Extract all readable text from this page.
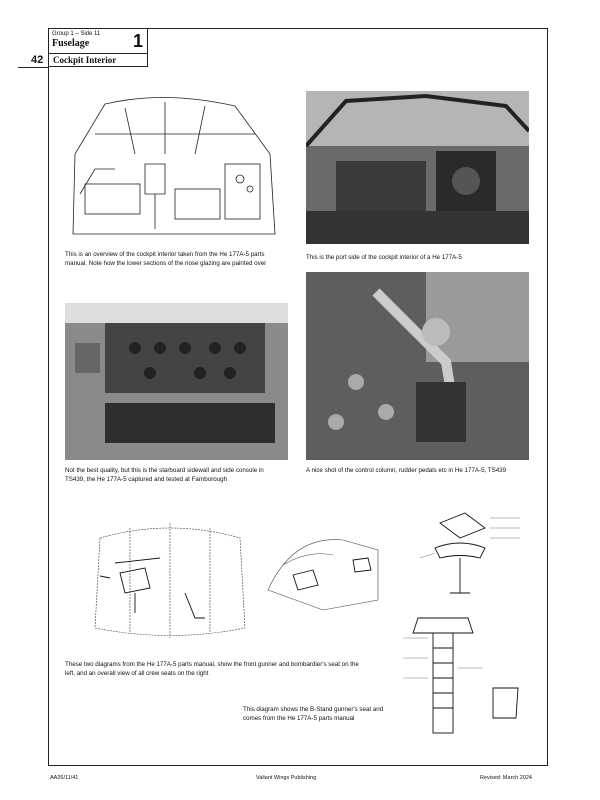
Group 1 – Side 11
Fuselage 1
42 Cockpit Interior
This is an overview of the cockpit interior taken from the He 177A-5 parts manual. Note how the lower sections of the nose glazing are painted over
This is the port side of the cockpit interior of a He 177A-5
Not the best quality, but this is the starboard sidewall and side console in TS439, the He 177A-5 captured and tested at Farnborough
A nice shot of the control column, rudder pedals etc in He 177A-5, TS439
These two diagrams from the He 177A-5 parts manual, show the front gunner and bombardier's seat on the left, and an overall view of all crew seats on the right
This diagram shows the B-Stand gunner's seat and comes from the He 177A-5 parts manual
AA26/11/41	Valiant Wings Publishing	Revised: March 2024
